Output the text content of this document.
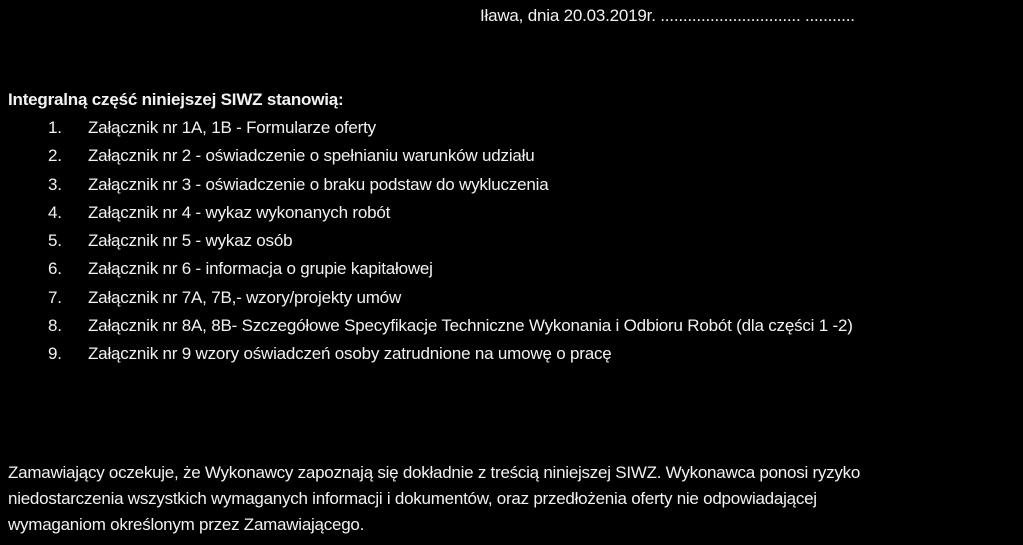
Iława, dnia 20.03.2019r. ............................... ...........
Integralną część niniejszej SIWZ stanowią:
1. Załącznik nr 1A, 1B - Formularze oferty
2. Załącznik nr 2 - oświadczenie o spełnianiu warunków udziału
3. Załącznik nr 3 - oświadczenie o braku podstaw do wykluczenia
4. Załącznik nr 4 - wykaz wykonanych robót
5. Załącznik nr 5 - wykaz osób
6. Załącznik nr 6 - informacja o grupie kapitałowej
7. Załącznik nr 7A, 7B,- wzory/projekty umów
8. Załącznik nr 8A, 8B- Szczegółowe Specyfikacje Techniczne Wykonania i Odbioru Robót (dla części 1 -2)
9. Załącznik nr 9 wzory oświadczeń osoby zatrudnione na umowę o pracę

Zamawiający oczekuje, że Wykonawcy zapoznają się dokładnie z treścią niniejszej SIWZ. Wykonawca ponosi ryzyko
niedostarczenia wszystkich wymaganych informacji i dokumentów, oraz przedłożenia oferty nie odpowiadającej
wymaganiom określonym przez Zamawiającego.
